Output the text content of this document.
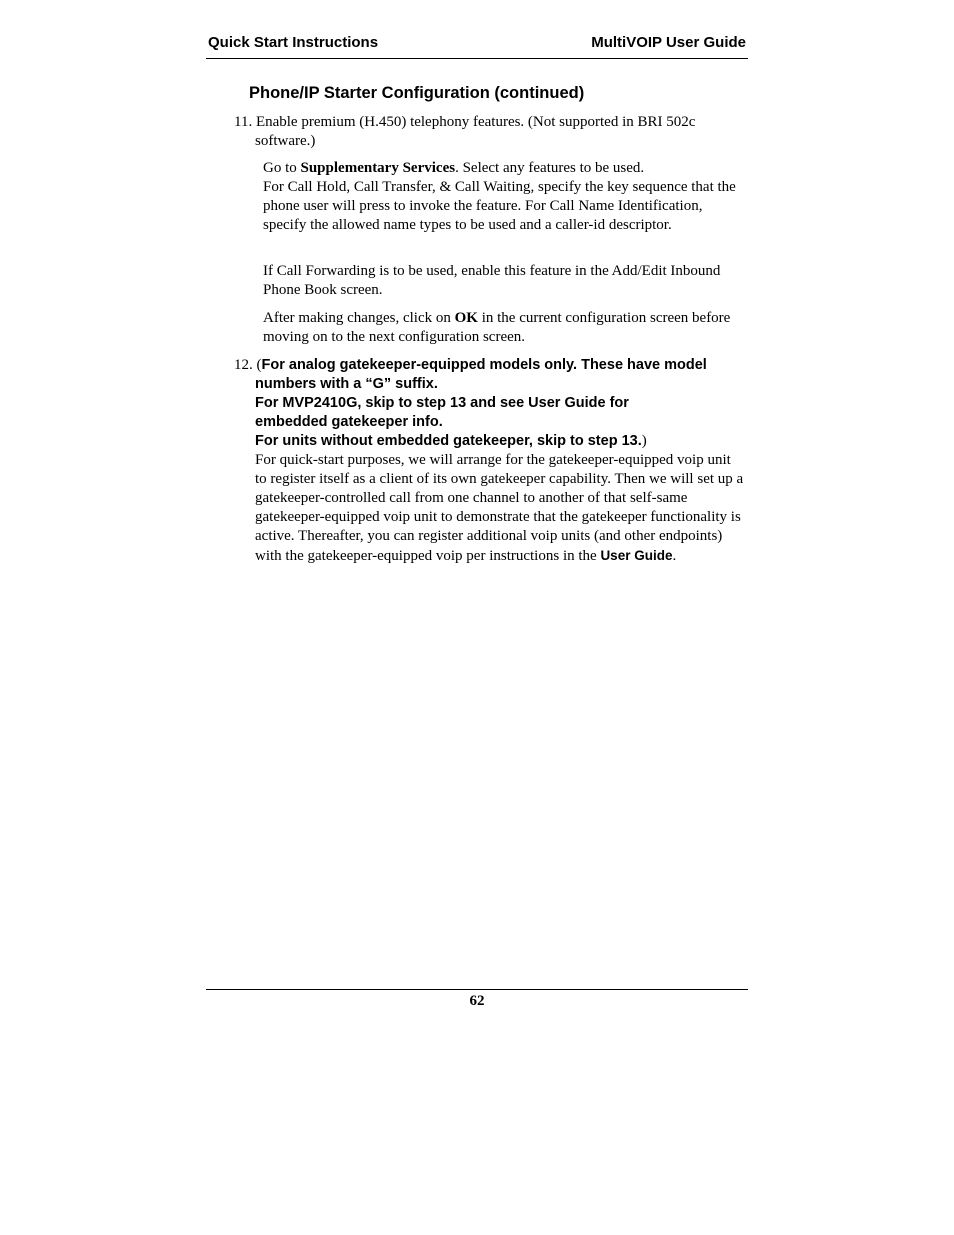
Quick Start Instructions	MultiVOIP User Guide
Phone/IP Starter Configuration (continued)
11. Enable premium (H.450) telephony features. (Not supported in BRI 502c software.)
Go to Supplementary Services. Select any features to be used.
For Call Hold, Call Transfer, & Call Waiting, specify the key sequence that the phone user will press to invoke the feature. For Call Name Identification, specify the allowed name types to be used and a caller-id descriptor.
If Call Forwarding is to be used, enable this feature in the Add/Edit Inbound Phone Book screen.
After making changes, click on OK in the current configuration screen before moving on to the next configuration screen.
12. (For analog gatekeeper-equipped models only. These have model numbers with a “G” suffix.
For MVP2410G, skip to step 13 and see User Guide for embedded gatekeeper info.
For units without embedded gatekeeper, skip to step 13.)
For quick-start purposes, we will arrange for the gatekeeper-equipped voip unit to register itself as a client of its own gatekeeper capability. Then we will set up a gatekeeper-controlled call from one channel to another of that self-same gatekeeper-equipped voip unit to demonstrate that the gatekeeper functionality is active. Thereafter, you can register additional voip units (and other endpoints) with the gatekeeper-equipped voip per instructions in the User Guide.
62
